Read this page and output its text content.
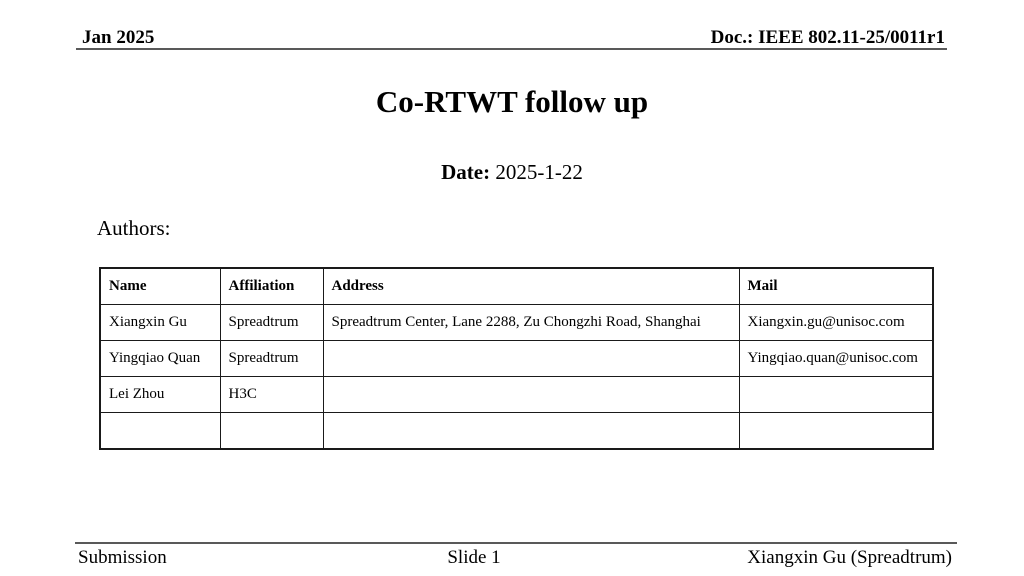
Jan 2025	Doc.: IEEE 802.11-25/0011r1
Co-RTWT follow up
Date: 2025-1-22
Authors:
Name	Affiliation	Address	Mail
Xiangxin Gu	Spreadtrum	Spreadtrum Center, Lane 2288, Zu Chongzhi Road, Shanghai	Xiangxin.gu@unisoc.com
Yingqiao Quan	Spreadtrum		Yingqiao.quan@unisoc.com
Lei Zhou	H3C		

Submission	Slide 1	Xiangxin Gu (Spreadtrum)
